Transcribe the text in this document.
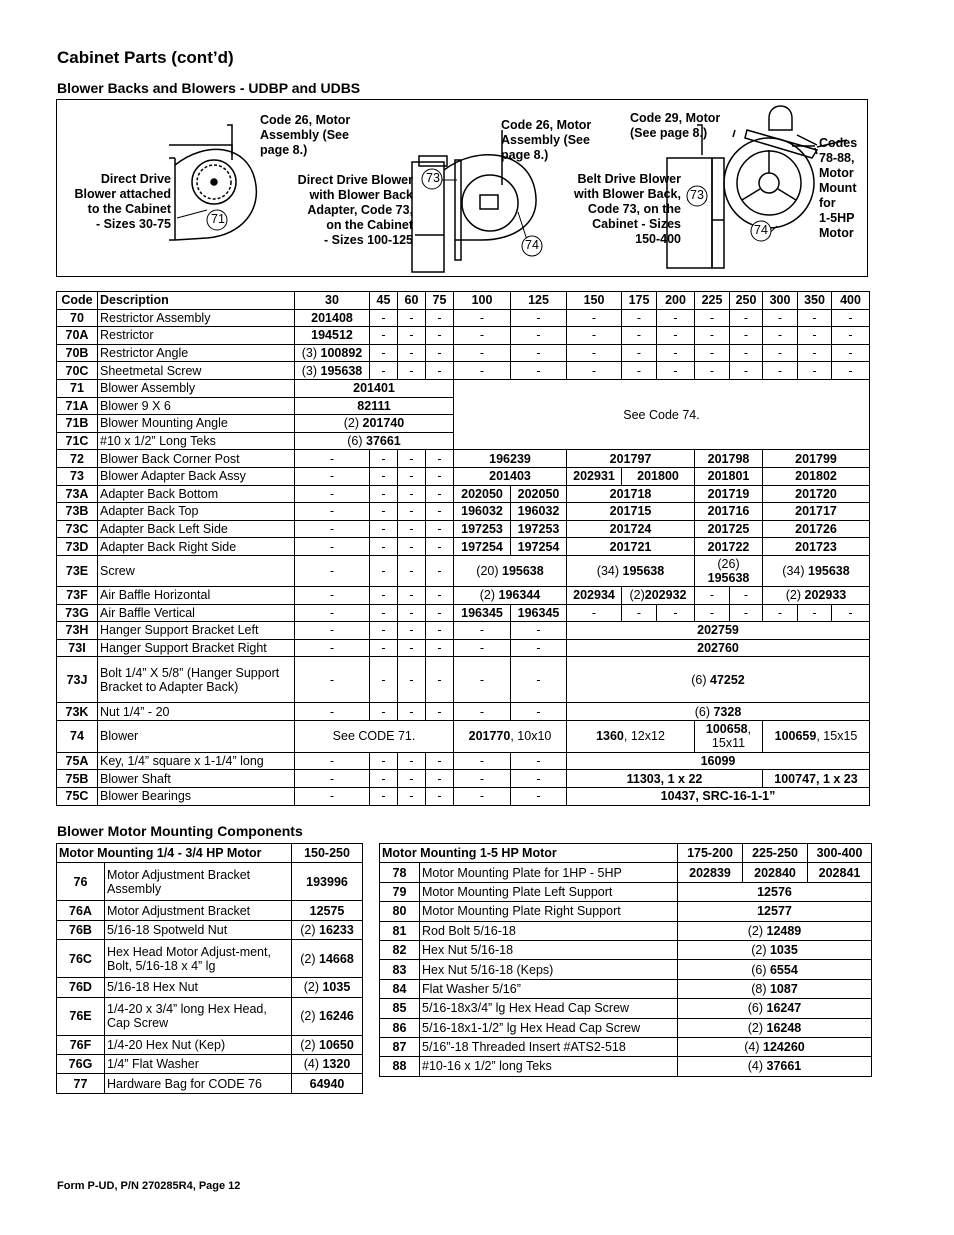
Cabinet Parts (cont’d)
Blower Backs and Blowers - UDBP and UDBS
71
73
74
73
74
Direct Drive
Blower attached
to the Cabinet
- Sizes 30-75
Code 26, Motor
Assembly (See
page 8.)
Direct Drive Blower
with Blower Back
Adapter, Code 73,
on the Cabinet
- Sizes 100-125
Code 26, Motor
Assembly (See
page 8.)
Code 29, Motor
(See page 8.)
Belt Drive Blower
with Blower Back,
Code 73, on the
Cabinet - Sizes
150-400
Codes
78-88,
Motor
Mount
for
1-5HP
Motor
Code	Description	30	45	60	75	100	125	150	175	200	225	250	300	350	400
70	Restrictor Assembly	201408	-	-	-	-	-	-	-	-	-	-	-	-	-
70A	Restrictor	194512	-	-	-	-	-	-	-	-	-	-	-	-	-
70B	Restrictor Angle	(3) 100892	-	-	-	-	-	-	-	-	-	-	-	-	-
70C	Sheetmetal Screw	(3) 195638	-	-	-	-	-	-	-	-	-	-	-	-	-
71	Blower Assembly	201401				See Code 74.									
71A	Blower 9 X 6	82111													
71B	Blower Mounting Angle	(2) 201740													
71C	#10 x 1/2” Long Teks	(6) 37661													
72	Blower Back Corner Post	-	-	-	-	196239		201797			201798		201799		
73	Blower Adapter Back Assy	-	-	-	-	201403		202931	201800		201801		201802		
73A	Adapter Back Bottom	-	-	-	-	202050	202050	201718			201719		201720		
73B	Adapter Back Top	-	-	-	-	196032	196032	201715			201716		201717		
73C	Adapter Back Left Side	-	-	-	-	197253	197253	201724			201725		201726		
73D	Adapter Back Right Side	-	-	-	-	197254	197254	201721			201722		201723		
73E	Screw	-	-	-	-	(20) 195638		(34) 195638			(26)
195638		(34) 195638		
73F	Air Baffle Horizontal	-	-	-	-	(2) 196344		202934	(2)202932		-	-	(2) 202933		
73G	Air Baffle Vertical	-	-	-	-	196345	196345	-	-	-	-	-	-	-	-
73H	Hanger Support Bracket Left	-	-	-	-	-	-	202759							
73I	Hanger Support Bracket Right	-	-	-	-	-	-	202760							
73J	Bolt 1/4” X 5/8” (Hanger Support Bracket to Adapter Back)	-	-	-	-	-	-	(6) 47252							
73K	Nut 1/4” - 20	-	-	-	-	-	-	(6) 7328							
74	Blower	See CODE 71.				201770, 10x10		1360, 12x12			100658,
15x11		100659, 15x15		
75A	Key, 1/4” square x 1-1/4” long	-	-	-	-	-	-	16099							
75B	Blower Shaft	-	-	-	-	-	-	11303, 1 x 22					100747, 1 x 23		
75C	Blower Bearings	-	-	-	-	-	-	10437, SRC-16-1-1”							
Blower Motor Mounting Components
Motor Mounting 1/4 - 3/4 HP Motor		150-250
76	Motor Adjustment Bracket Assembly	193996
76A	Motor Adjustment Bracket	12575
76B	5/16-18 Spotweld Nut	(2) 16233
76C	Hex Head Motor Adjust-ment, Bolt, 5/16-18 x 4” lg	(2) 14668
76D	5/16-18 Hex Nut	(2) 1035
76E	1/4-20 x 3/4” long Hex Head, Cap Screw	(2) 16246
76F	1/4-20 Hex Nut (Kep)	(2) 10650
76G	1/4” Flat Washer	(4) 1320
77	Hardware Bag for CODE 76	64940
Motor Mounting 1-5 HP Motor		175-200	225-250	300-400
78	Motor Mounting Plate for 1HP - 5HP	202839	202840	202841
79	Motor Mounting Plate Left Support	12576		
80	Motor Mounting Plate Right Support	12577		
81	Rod Bolt 5/16-18	(2) 12489		
82	Hex Nut 5/16-18	(2) 1035		
83	Hex Nut 5/16-18 (Keps)	(6) 6554		
84	Flat Washer 5/16”	(8) 1087		
85	5/16-18x3/4” lg Hex Head Cap Screw	(6) 16247		
86	5/16-18x1-1/2” lg Hex Head Cap Screw	(2) 16248		
87	5/16”-18 Threaded Insert #ATS2-518	(4) 124260		
88	#10-16 x 1/2” long Teks	(4) 37661		
Form P-UD, P/N 270285R4, Page 12
